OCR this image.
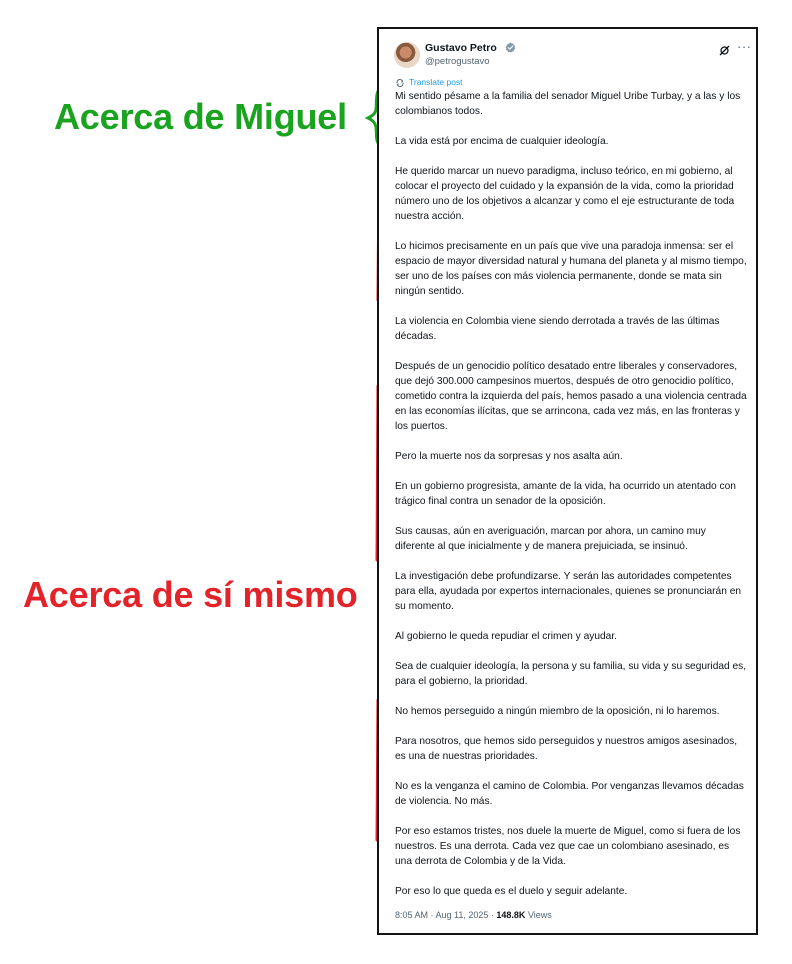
Acerca de Miguel
Acerca de sí mismo
Gustavo Petro
@petrogustavo
···
Translate post

Mi sentido pésame a la familia del senador Miguel Uribe Turbay, y a las y los colombianos todos.

La vida está por encima de cualquier ideología.

He querido marcar un nuevo paradigma, incluso teórico, en mi gobierno, al colocar el proyecto del cuidado y la expansión de la vida, como la prioridad número uno de los objetivos a alcanzar y como el eje estructurante de toda nuestra acción.

Lo hicimos precisamente en un país que vive una paradoja inmensa: ser el espacio de mayor diversidad natural y humana del planeta y al mismo tiempo, ser uno de los países con más violencia permanente, donde se mata sin ningún sentido.

La violencia en Colombia viene siendo derrotada a través de las últimas décadas.

Después de un genocidio político desatado entre liberales y conservadores, que dejó 300.000 campesinos muertos, después de otro genocidio político, cometido contra la izquierda del país, hemos pasado a una violencia centrada en las economías ilícitas, que se arrincona, cada vez más, en las fronteras y los puertos.

Pero la muerte nos da sorpresas y nos asalta aún.

En un gobierno progresista, amante de la vida, ha ocurrido un atentado con trágico final contra un senador de la oposición.

Sus causas, aún en averiguación, marcan por ahora, un camino muy diferente al que inicialmente y de manera prejuiciada, se insinuó.

La investigación debe profundizarse. Y serán las autoridades competentes para ella, ayudada por expertos internacionales, quienes se pronunciarán en su momento.

Al gobierno le queda repudiar el crimen y ayudar.

Sea de cualquier ideología, la persona y su familia, su vida y su seguridad es, para el gobierno, la prioridad.

No hemos perseguido a ningún miembro de la oposición, ni lo haremos.

Para nosotros, que hemos sido perseguidos y nuestros amigos asesinados, es una de nuestras prioridades.

No es la venganza el camino de Colombia. Por venganzas llevamos décadas de violencia. No más.

Por eso estamos tristes, nos duele la muerte de Miguel, como si fuera de los nuestros. Es una derrota. Cada vez que cae un colombiano asesinado, es una derrota de Colombia y de la Vida.

Por eso lo que queda es el duelo y seguir adelante.

8:05 AM · Aug 11, 2025 · 148.8K Views
